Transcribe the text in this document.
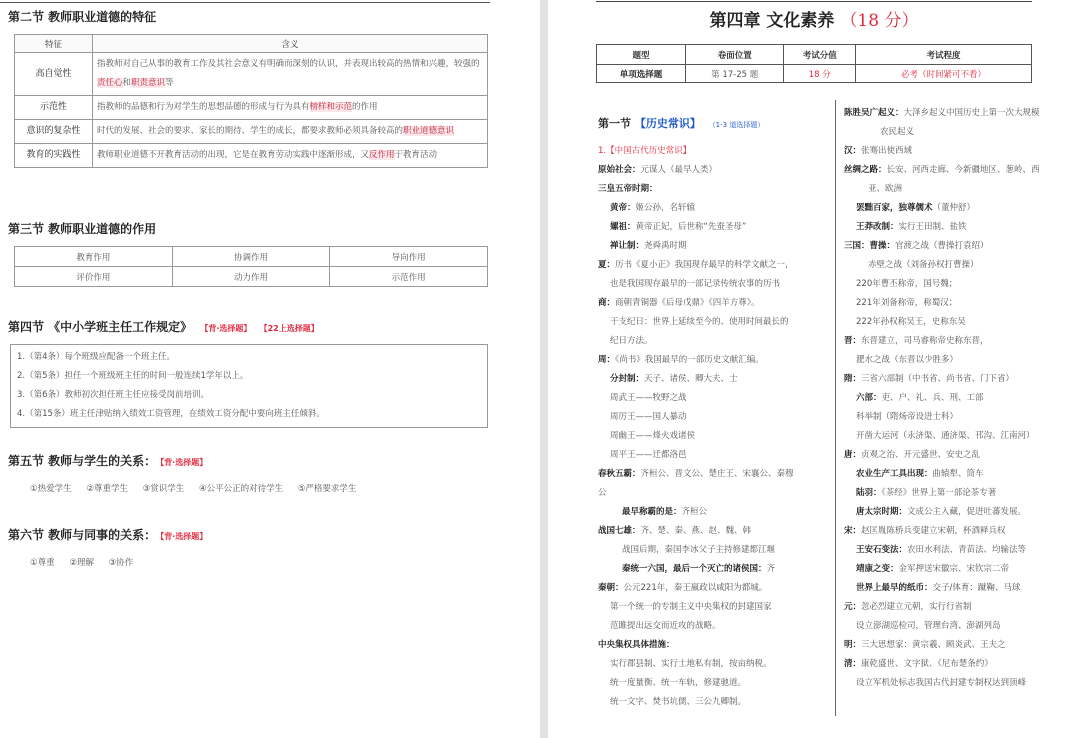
第二节 教师职业道德的特征
特征	含义
高自觉性	指教师对自己从事的教育工作及其社会意义有明确而深刻的认识，并表现出较高的热情和兴趣，较强的责任心和职责意识等
示范性	指教师的品德和行为对学生的思想品德的形成与行为具有榜样和示范的作用
意识的复杂性	时代的发展、社会的要求、家长的期待、学生的成长，都要求教师必须具备较高的职业道德意识
教育的实践性	教师职业道德不开教育活动的出现，它是在教育劳动实践中逐渐形成，又反作用于教育活动
第三节 教师职业道德的作用
教育作用	协调作用	导向作用
评价作用	动力作用	示范作用
第四节 《中小学班主任工作规定》 【背·选择题】 【22上选择题】
1.（第4条）每个班级应配备一个班主任。
2.（第5条）担任一个班级班主任的时间一般连续1学年以上。
3.（第6条）教师初次担任班主任应接受岗前培训。
4.（第15条）班主任津贴纳入绩效工资管理，在绩效工资分配中要向班主任倾斜。
第五节 教师与学生的关系： 【背·选择题】
①热爱学生 ②尊重学生 ③赏识学生 ④公平公正的对待学生 ⑤严格要求学生
第六节 教师与同事的关系： 【背·选择题】
①尊重 ②理解 ③协作
第四章 文化素养 （18 分）
题型	卷面位置	考试分值	考试程度
单项选择题	第 17-25 题	18 分	必考（时间紧可不看）
第一节 【历史常识】 （1-3 道选择题）
1.【中国古代历史常识】
原始社会：元谋人（最早人类）
三皇五帝时期：
黄帝：姬公孙，名轩辕
嫘祖：黄帝正妃，后世称“先蚕圣母”
禅让制：尧舜禹时期
夏：历书《夏小正》我国现存最早的科学文献之一，
也是我国现存最早的一部记录传统农事的历书
商：商朝青铜器《后母戊鼎》《四羊方尊》。
干支纪日：世界上延续至今的、使用时间最长的
纪日方法。
周：《尚书》我国最早的一部历史文献汇编。
分封制：天子、诸侯、卿大夫、士
周武王——牧野之战
周厉王——国人暴动
周幽王——烽火戏诸侯
周平王——迁都洛邑
春秋五霸：齐桓公、晋文公、楚庄王、宋襄公、秦穆
公
最早称霸的是：齐桓公
战国七雄：齐、楚、秦、燕、赵、魏、韩
战国后期，秦国李冰父子主持修建都江堰
秦统一六国，最后一个灭亡的诸侯国：齐
秦朝：公元221年，秦王嬴政以咸阳为都城。
第一个统一的专制主义中央集权的封建国家
范雎提出远交而近攻的战略。
中央集权具体措施：
实行郡县制、实行土地私有制，按亩纳税。
统一度量衡、统一车轨，修建驰道。
统一文字、焚书坑儒、三公九卿制。
陈胜吴广起义：大泽乡起义中国历史上第一次大规模
农民起义
汉：张骞出使西域
丝绸之路：长安、河西走廊、今新疆地区、葱岭、西
亚、欧洲
罢黜百家，独尊儒术（董仲舒）
王莽改制：实行王田制、盐铁
三国：曹操：官渡之战（曹操打袁绍）
赤壁之战（刘备孙权打曹操）
220年曹丕称帝，国号魏；
221年刘备称帝，称蜀汉；
222年孙权称吴王，史称东吴
晋：东晋建立，司马睿称帝史称东晋，
淝水之战（东晋以少胜多）
隋：三省六部制（中书省、尚书省、门下省）
六部：吏、户、礼、兵、刑、工部
科举制（隋炀帝设进士科）
开凿大运河（永济渠、通济渠、邗沟、江南河）
唐：贞观之治、开元盛世、安史之乱
农业生产工具出现：曲辕犁、筒车
陆羽：《茶经》世界上第一部论茶专著
唐太宗时期：文成公主入藏，促进吐蕃发展。
宋：赵匡胤陈桥兵变建立宋朝，杯酒释兵权
王安石变法：农田水利法、青苗法、均输法等
靖康之变：金军押送宋徽宗、宋钦宗二帝
世界上最早的纸币：交子/体育：蹴鞠、马球
元：忽必烈建立元朝，实行行省制
设立澎湖巡检司，管理台湾、澎湖列岛
明：三大思想家：黄宗羲、顾炎武、王夫之
清：康乾盛世、文字狱、《尼布楚条约》
设立军机处标志我国古代封建专制权达到顶峰
